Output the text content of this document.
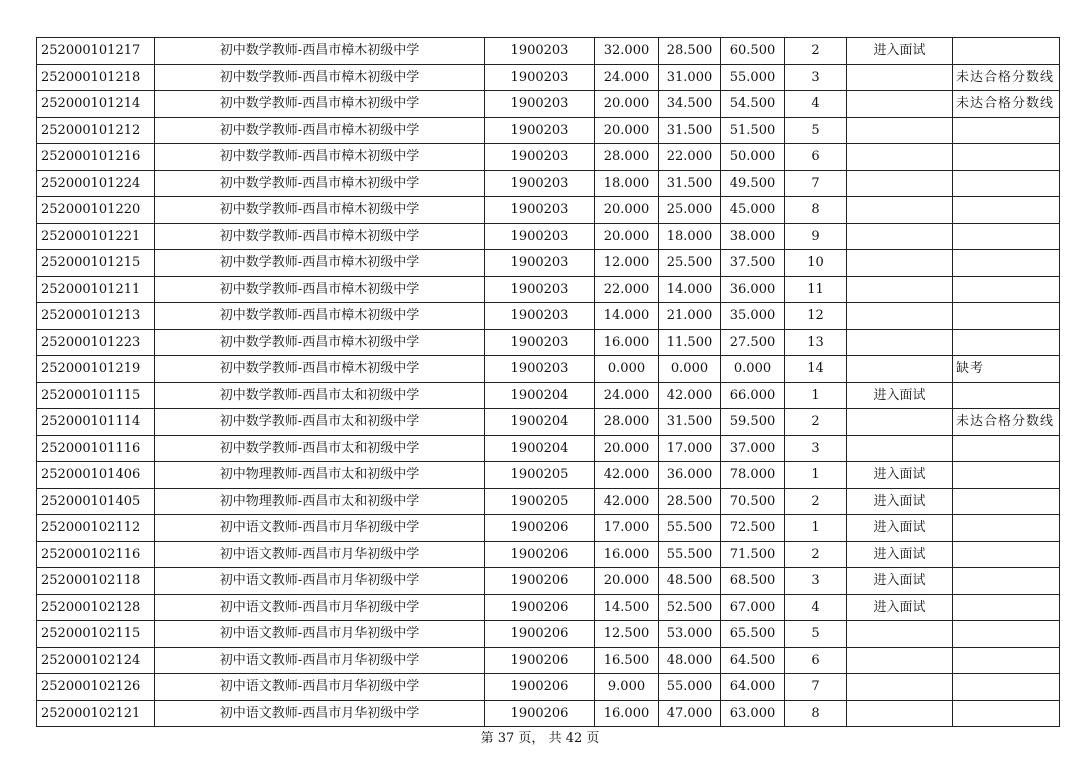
252000101217	初中数学教师-西昌市樟木初级中学	1900203	32.000	28.500	60.500	2	进入面试	
252000101218	初中数学教师-西昌市樟木初级中学	1900203	24.000	31.000	55.000	3		未达合格分数线
252000101214	初中数学教师-西昌市樟木初级中学	1900203	20.000	34.500	54.500	4		未达合格分数线
252000101212	初中数学教师-西昌市樟木初级中学	1900203	20.000	31.500	51.500	5		
252000101216	初中数学教师-西昌市樟木初级中学	1900203	28.000	22.000	50.000	6		
252000101224	初中数学教师-西昌市樟木初级中学	1900203	18.000	31.500	49.500	7		
252000101220	初中数学教师-西昌市樟木初级中学	1900203	20.000	25.000	45.000	8		
252000101221	初中数学教师-西昌市樟木初级中学	1900203	20.000	18.000	38.000	9		
252000101215	初中数学教师-西昌市樟木初级中学	1900203	12.000	25.500	37.500	10		
252000101211	初中数学教师-西昌市樟木初级中学	1900203	22.000	14.000	36.000	11		
252000101213	初中数学教师-西昌市樟木初级中学	1900203	14.000	21.000	35.000	12		
252000101223	初中数学教师-西昌市樟木初级中学	1900203	16.000	11.500	27.500	13		
252000101219	初中数学教师-西昌市樟木初级中学	1900203	0.000	0.000	0.000	14		缺考
252000101115	初中数学教师-西昌市太和初级中学	1900204	24.000	42.000	66.000	1	进入面试	
252000101114	初中数学教师-西昌市太和初级中学	1900204	28.000	31.500	59.500	2		未达合格分数线
252000101116	初中数学教师-西昌市太和初级中学	1900204	20.000	17.000	37.000	3		
252000101406	初中物理教师-西昌市太和初级中学	1900205	42.000	36.000	78.000	1	进入面试	
252000101405	初中物理教师-西昌市太和初级中学	1900205	42.000	28.500	70.500	2	进入面试	
252000102112	初中语文教师-西昌市月华初级中学	1900206	17.000	55.500	72.500	1	进入面试	
252000102116	初中语文教师-西昌市月华初级中学	1900206	16.000	55.500	71.500	2	进入面试	
252000102118	初中语文教师-西昌市月华初级中学	1900206	20.000	48.500	68.500	3	进入面试	
252000102128	初中语文教师-西昌市月华初级中学	1900206	14.500	52.500	67.000	4	进入面试	
252000102115	初中语文教师-西昌市月华初级中学	1900206	12.500	53.000	65.500	5		
252000102124	初中语文教师-西昌市月华初级中学	1900206	16.500	48.000	64.500	6		
252000102126	初中语文教师-西昌市月华初级中学	1900206	9.000	55.000	64.000	7		
252000102121	初中语文教师-西昌市月华初级中学	1900206	16.000	47.000	63.000	8		
第 37 页， 共 42 页
